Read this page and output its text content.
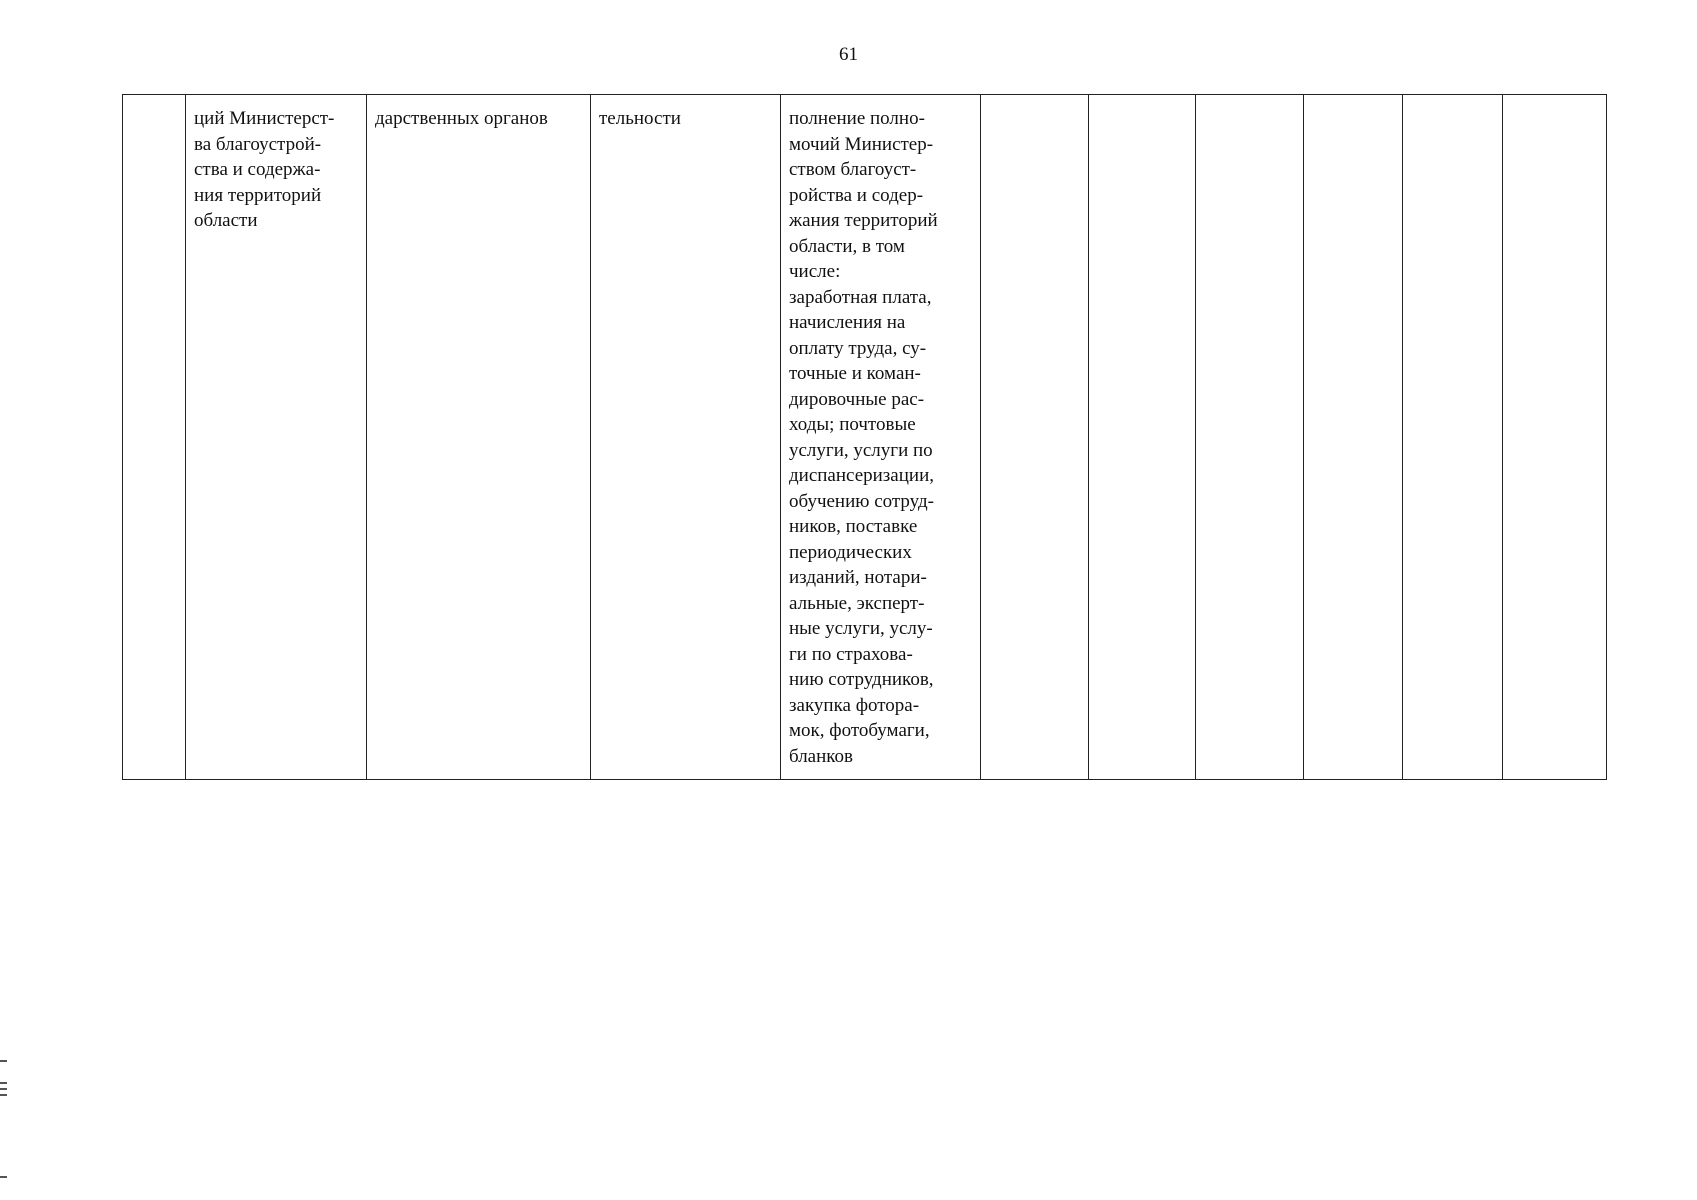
61
	ций Министерст-
ва благоустрой-
ства и содержа-
ния территорий
области	дарственных органов	тельности	полнение полно-
мочий Министер-
ством благоуст-
ройства и содер-
жания территорий
области, в том
числе:
заработная плата,
начисления на
оплату труда, су-
точные и коман-
дировочные рас-
ходы; почтовые
услуги, услуги по
диспансеризации,
обучению сотруд-
ников, поставке
периодических
изданий, нотари-
альные, эксперт-
ные услуги, услу-
ги по страхова-
нию сотрудников,
закупка фоторa-
мок, фотобумаги,
бланков						
